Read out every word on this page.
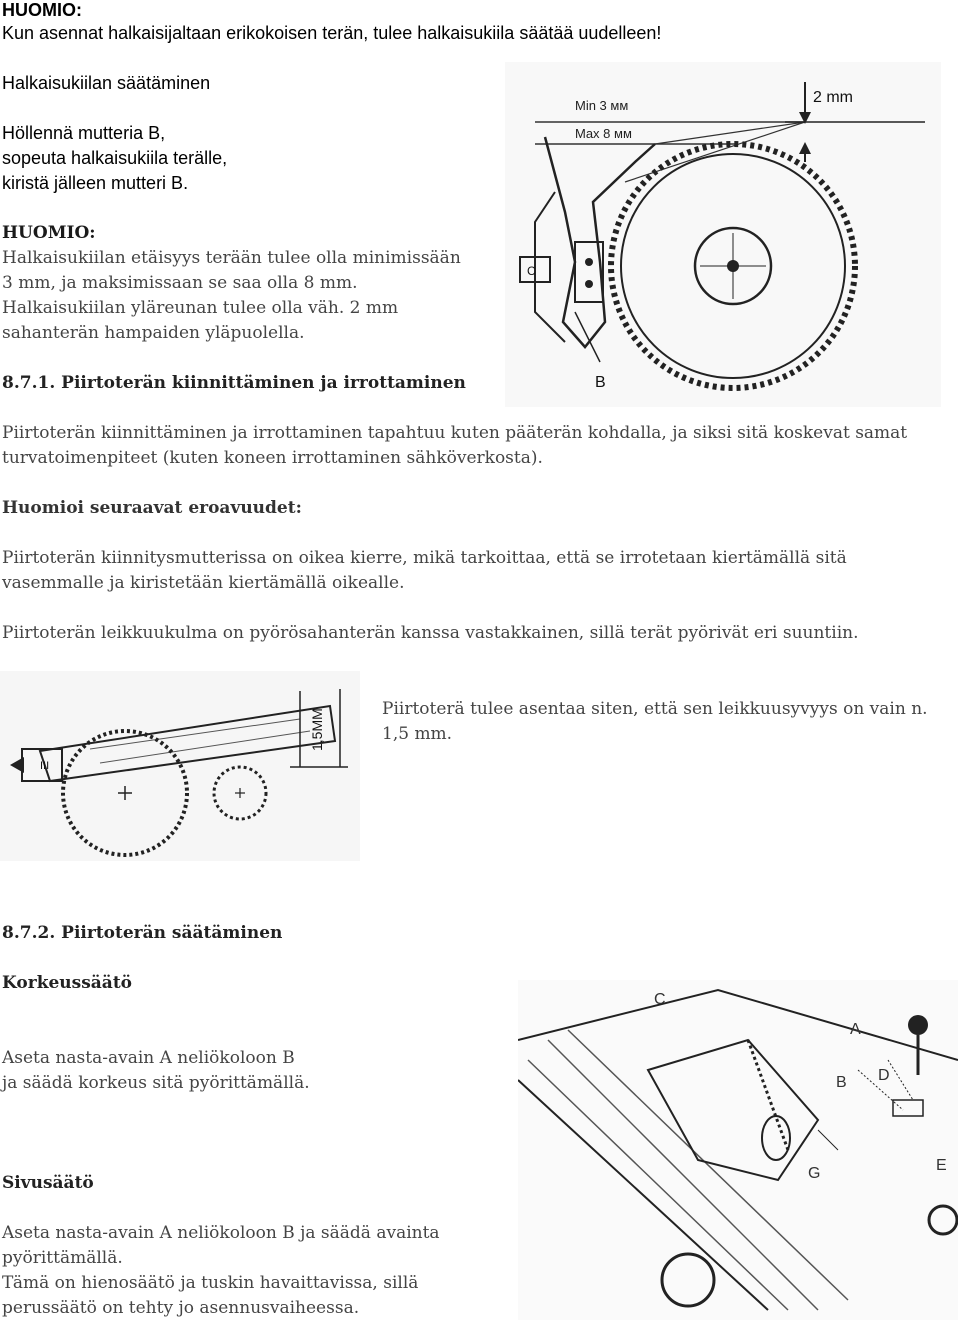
HUOMIO:
Kun asennat halkaisijaltaan erikokoisen terän, tulee halkaisukiila säätää uudelleen!
Halkaisukiilan säätäminen
Höllennä mutteria B,
sopeuta halkaisukiila terälle,
kiristä jälleen mutteri B.
HUOMIO:
Halkaisukiilan etäisyys terään tulee olla minimissään
3 mm, ja maksimissaan se saa olla 8 mm.
Halkaisukiilan yläreunan tulee olla väh. 2 mm
sahanterän hampaiden yläpuolella.
Min 3 мм
Max 8 мм
2 mm
C
B
8.7.1. Piirtoterän kiinnittäminen ja irrottaminen
Piirtoterän kiinnittäminen ja irrottaminen tapahtuu kuten pääterän kohdalla, ja siksi sitä koskevat samat
turvatoimenpiteet (kuten koneen irrottaminen sähköverkosta).
Huomioi seuraavat eroavuudet:
Piirtoterän kiinnitysmutterissa on oikea kierre, mikä tarkoittaa, että se irrotetaan kiertämällä sitä
vasemmalle ja kiristetään kiertämällä oikealle.
Piirtoterän leikkuukulma on pyörösahanterän kanssa vastakkainen, sillä terät pyörivät eri suuntiin.
1,5MM
III
Piirtoterä tulee asentaa siten, että sen leikkuusyvyys on vain n.
1,5 mm.
8.7.2. Piirtoterän säätäminen
Korkeussäätö
Aseta nasta-avain A neliökoloon B
ja säädä korkeus sitä pyörittämällä.
Sivusäätö
Aseta nasta-avain A neliökoloon B ja säädä avainta
pyörittämällä.
Tämä on hienosäätö ja tuskin havaittavissa, sillä
perussäätö on tehty jo asennusvaiheessa.
C
A
B D
E
G
